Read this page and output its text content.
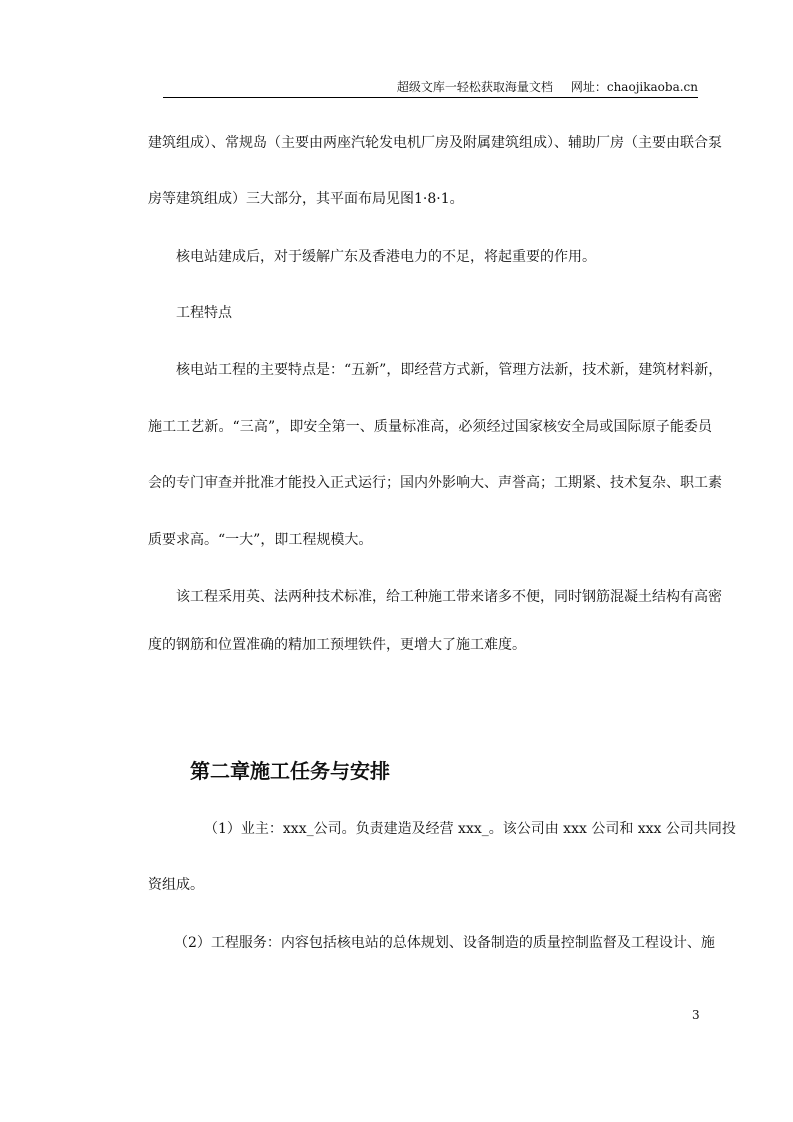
超级文库一轻松获取海量文档 网址：chaojikaoba.cn
建筑组成）、常规岛（主要由两座汽轮发电机厂房及附属建筑组成）、辅助厂房（主要由联合泵
房等建筑组成）三大部分，其平面布局见图1·8·1。
核电站建成后，对于缓解广东及香港电力的不足，将起重要的作用。
工程特点
核电站工程的主要特点是：“五新”，即经营方式新，管理方法新，技术新，建筑材料新，
施工工艺新。“三高”，即安全第一、质量标准高，必须经过国家核安全局或国际原子能委员
会的专门审查并批准才能投入正式运行；国内外影响大、声誉高；工期紧、技术复杂、职工素
质要求高。“一大”，即工程规模大。
该工程采用英、法两种技术标准，给工种施工带来诸多不便，同时钢筋混凝土结构有高密
度的钢筋和位置准确的精加工预埋铁件，更增大了施工难度。
第二章施工任务与安排
（1）业主：xxx_公司。负责建造及经营 xxx_。该公司由 xxx 公司和 xxx 公司共同投
资组成。
（2）工程服务：内容包括核电站的总体规划、设备制造的质量控制监督及工程设计、施
3
